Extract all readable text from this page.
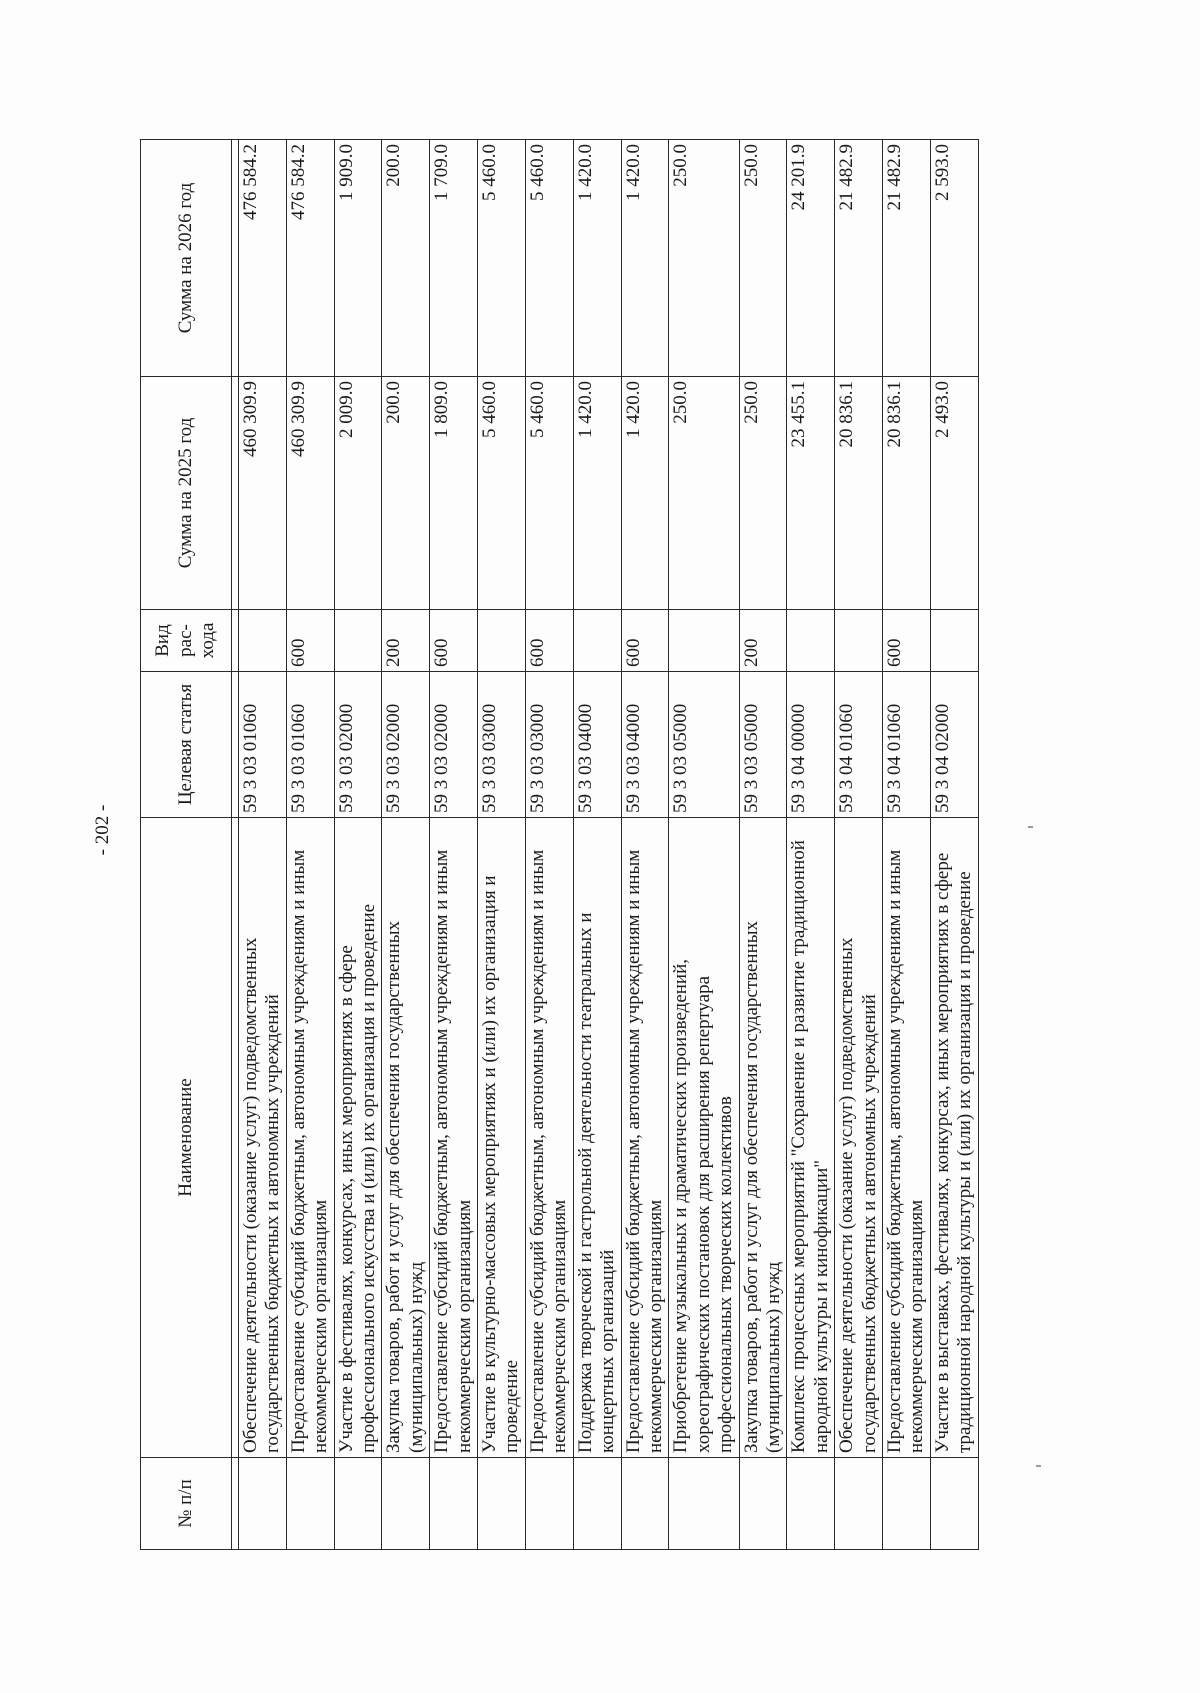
- 202 -
№ п/п	Наименование	Целевая статья	Вид рас- хода	Сумма на 2025 год	Сумма на 2026 год

	Обеспечение деятельности (оказание услуг) подведомственных государственных бюджетных и автономных учреждений	59 3 03 01060		460 309.9	476 584.2
	Предоставление субсидий бюджетным, автономным учреждениям и иным некоммерческим организациям	59 3 03 01060	600	460 309.9	476 584.2
	Участие в фестивалях, конкурсах, иных мероприятиях в сфере профессионального искусства и (или) их организация и проведение	59 3 03 02000		2 009.0	1 909.0
	Закупка товаров, работ и услуг для обеспечения государственных (муниципальных) нужд	59 3 03 02000	200	200.0	200.0
	Предоставление субсидий бюджетным, автономным учреждениям и иным некоммерческим организациям	59 3 03 02000	600	1 809.0	1 709.0
	Участие в культурно-массовых мероприятиях и (или) их организация и проведение	59 3 03 03000		5 460.0	5 460.0
	Предоставление субсидий бюджетным, автономным учреждениям и иным некоммерческим организациям	59 3 03 03000	600	5 460.0	5 460.0
	Поддержка творческой и гастрольной деятельности театральных и концертных организаций	59 3 03 04000		1 420.0	1 420.0
	Предоставление субсидий бюджетным, автономным учреждениям и иным некоммерческим организациям	59 3 03 04000	600	1 420.0	1 420.0
	Приобретение музыкальных и драматических произведений, хореографических постановок для расширения репертуара профессиональных творческих коллективов	59 3 03 05000		250.0	250.0
	Закупка товаров, работ и услуг для обеспечения государственных (муниципальных) нужд	59 3 03 05000	200	250.0	250.0
	Комплекс процессных мероприятий "Сохранение и развитие традиционной народной культуры и кинофикации"	59 3 04 00000		23 455.1	24 201.9
	Обеспечение деятельности (оказание услуг) подведомственных государственных бюджетных и автономных учреждений	59 3 04 01060		20 836.1	21 482.9
	Предоставление субсидий бюджетным, автономным учреждениям и иным некоммерческим организациям	59 3 04 01060	600	20 836.1	21 482.9
	Участие в выставках, фестивалях, конкурсах, иных мероприятиях в сфере традиционной народной культуры и (или) их организация и проведение	59 3 04 02000		2 493.0	2 593.0
